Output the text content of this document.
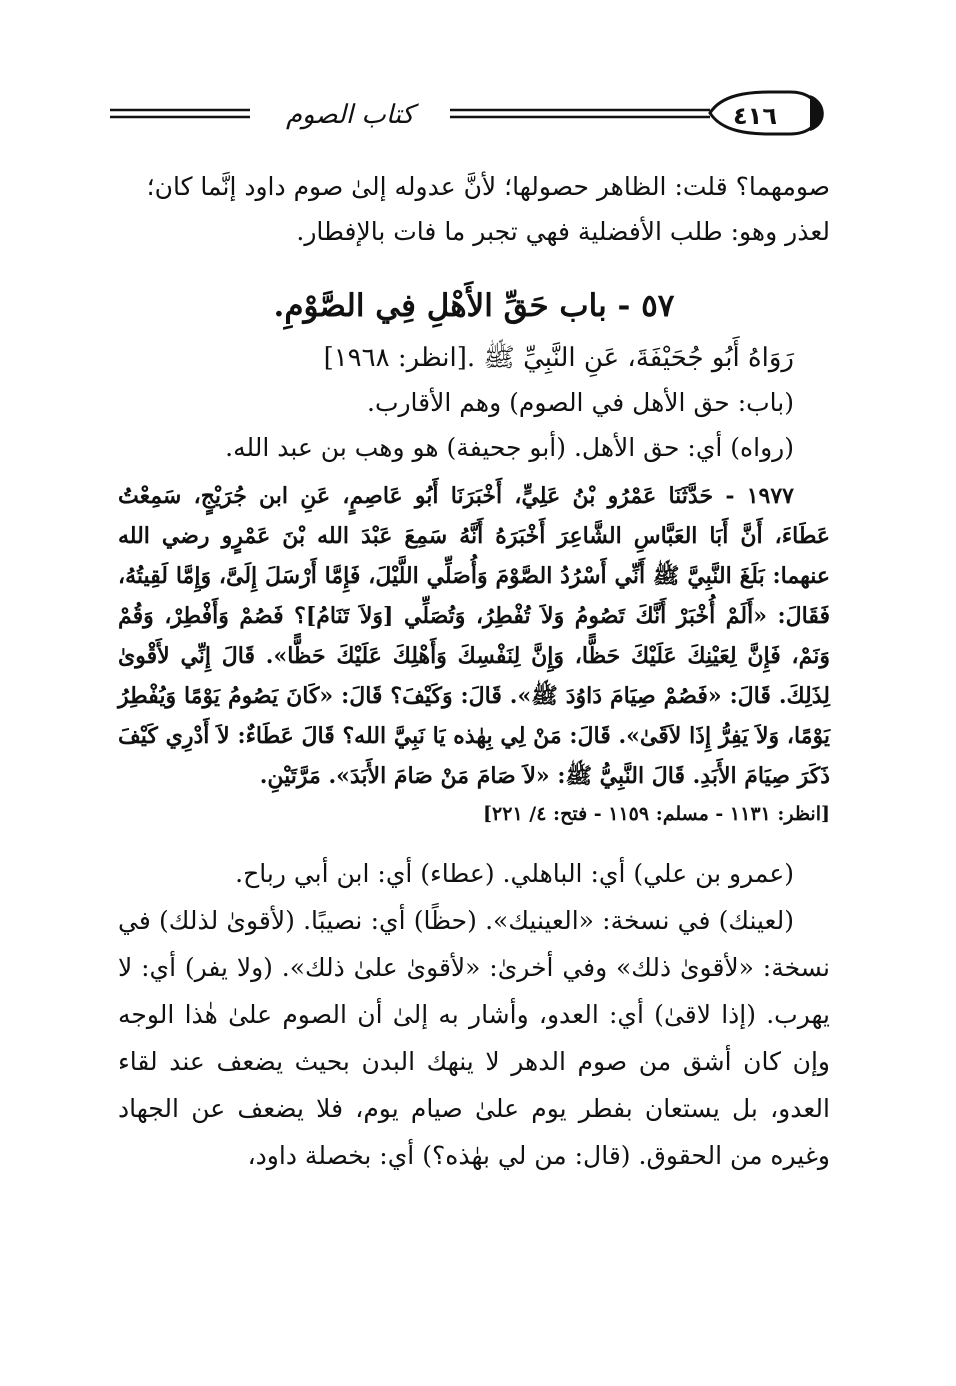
كتاب الصوم	٤١٦

صومهما؟ قلت: الظاهر حصولها؛ لأنَّ عدوله إلىٰ صوم داود إنَّما كان؛

لعذر وهو: طلب الأفضلية فهي تجبر ما فات بالإفطار.

٥٧ - باب حَقِّ الأَهْلِ فِي الصَّوْمِ.

رَوَاهُ أَبُو جُحَيْفَةَ، عَنِ النَّبِيِّ ﷺ .[انظر: ١٩٦٨]

(باب: حق الأهل في الصوم) وهم الأقارب.

(رواه) أي: حق الأهل. (أبو جحيفة) هو وهب بن عبد الله.

١٩٧٧ - حَدَّثَنَا عَمْرُو بْنُ عَلِيٍّ، أَخْبَرَنَا أَبُو عَاصِمٍ، عَنِ ابن جُرَيْجٍ، سَمِعْتُ عَطَاءَ، أَنَّ أَبَا العَبَّاسِ الشَّاعِرَ أَخْبَرَهُ أَنَّهُ سَمِعَ عَبْدَ الله بْنَ عَمْرٍو رضي الله عنهما: بَلَغَ النَّبِيَّ ﷺ أَنِّي أَسْرُدُ الصَّوْمَ وَأُصَلِّي اللَّيْلَ، فَإِمَّا أَرْسَلَ إِلَىَّ، وَإِمَّا لَقِيتُهُ، فَقَالَ: «أَلَمْ أُخْبَرْ أَنَّكَ تَصُومُ وَلاَ تُفْطِرُ، وَتُصَلِّي [وَلاَ تَنَامُ]؟ فَصُمْ وَأَفْطِرْ، وَقُمْ وَنَمْ، فَإِنَّ لِعَيْنِكَ عَلَيْكَ حَظًّا، وَإِنَّ لِنَفْسِكَ وَأَهْلِكَ عَلَيْكَ حَظًّا». قَالَ إِنِّي لأَقْوىٰ لِذَلِكَ. قَالَ: «فَصُمْ صِيَامَ دَاوُدَ ﷺ». قَالَ: وَكَيْفَ؟ قَالَ: «كَانَ يَصُومُ يَوْمًا وَيُفْطِرُ يَوْمًا، وَلاَ يَفِرُّ إِذَا لاَقَىٰ». قَالَ: مَنْ لِي بِهٰذه يَا نَبِيَّ الله؟ قَالَ عَطَاءٌ: لاَ أَدْرِي كَيْفَ ذَكَرَ صِيَامَ الأَبَدِ. قَالَ النَّبِيُّ ﷺ: «لاَ صَامَ مَنْ صَامَ الأَبَدَ». مَرَّتَيْنِ.

[انظر: ١١٣١ - مسلم: ١١٥٩ - فتح: ٤/ ٢٢١]

(عمرو بن علي) أي: الباهلي. (عطاء) أي: ابن أبي رباح.

(لعينك) في نسخة: «العينيك». (حظًا) أي: نصيبًا. (لأقوىٰ لذلك) في نسخة: «لأقوىٰ ذلك» وفي أخرىٰ: «لأقوىٰ علىٰ ذلك». (ولا يفر) أي: لا يهرب. (إذا لاقىٰ) أي: العدو، وأشار به إلىٰ أن الصوم علىٰ هٰذا الوجه وإن كان أشق من صوم الدهر لا ينهك البدن بحيث يضعف عند لقاء العدو، بل يستعان بفطر يوم علىٰ صيام يوم، فلا يضعف عن الجهاد وغيره من الحقوق. (قال: من لي بهٰذه؟) أي: بخصلة داود،
